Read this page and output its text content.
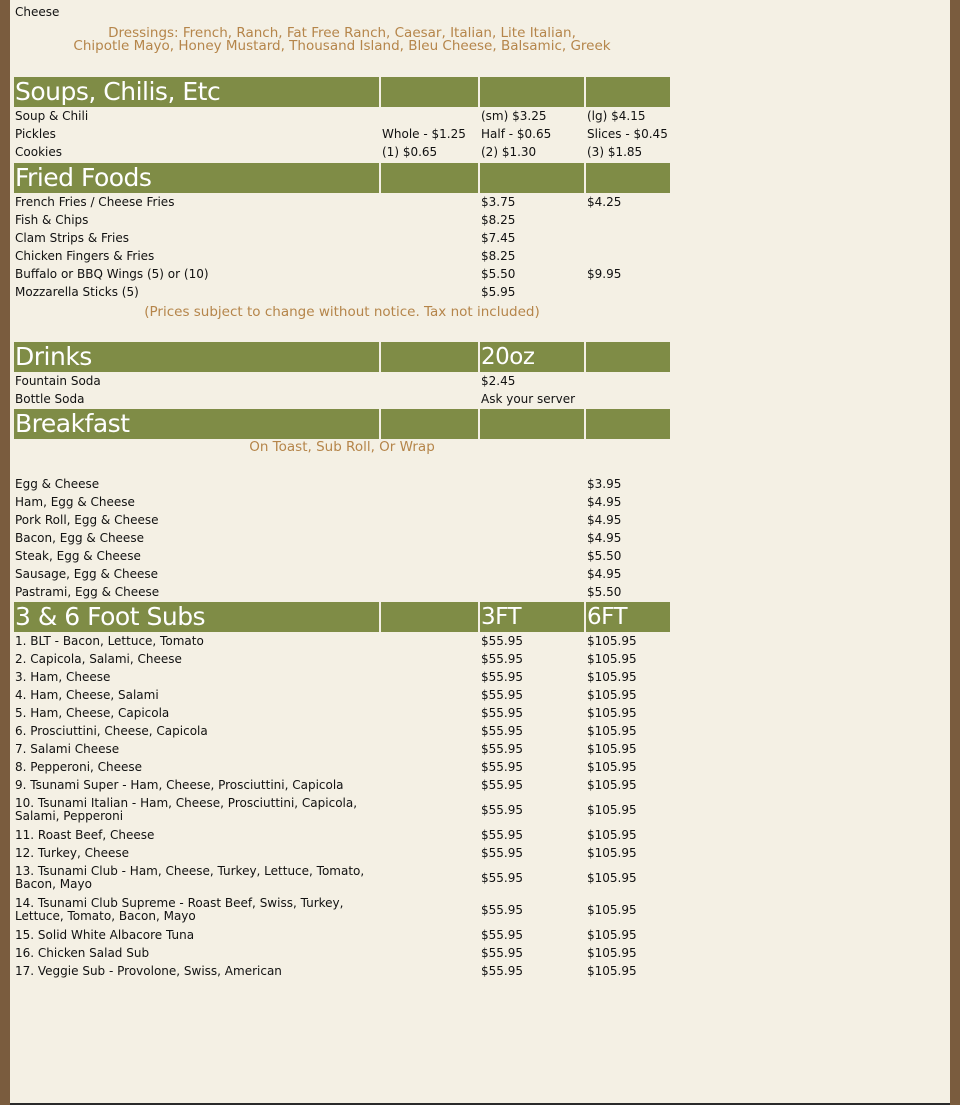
Cheese			
Dressings: French, Ranch, Fat Free Ranch, Caesar, Italian, Lite Italian,
Chipotle Mayo, Honey Mustard, Thousand Island, Bleu Cheese, Balsamic, Greek			

Soups, Chilis, Etc			
Soup & Chili		(sm) $3.25	(lg) $4.15
Pickles	Whole - $1.25	Half - $0.65	Slices - $0.45
Cookies	(1) $0.65	(2) $1.30	(3) $1.85

Fried Foods			
French Fries / Cheese Fries		$3.75	$4.25
Fish & Chips		$8.25	
Clam Strips & Fries		$7.45	
Chicken Fingers & Fries		$8.25	
Buffalo or BBQ Wings (5) or (10)		$5.50	$9.95
Mozzarella Sticks (5)		$5.95	
(Prices subject to change without notice. Tax not included)			

Drinks		20oz	
Fountain Soda		$2.45	
Bottle Soda		Ask your server	

Breakfast			
On Toast, Sub Roll, Or Wrap			

Egg & Cheese			$3.95
Ham, Egg & Cheese			$4.95
Pork Roll, Egg & Cheese			$4.95
Bacon, Egg & Cheese			$4.95
Steak, Egg & Cheese			$5.50
Sausage, Egg & Cheese			$4.95
Pastrami, Egg & Cheese			$5.50

3 & 6 Foot Subs		3FT	6FT
1. BLT - Bacon, Lettuce, Tomato		$55.95	$105.95
2. Capicola, Salami, Cheese		$55.95	$105.95
3. Ham, Cheese		$55.95	$105.95
4. Ham, Cheese, Salami		$55.95	$105.95
5. Ham, Cheese, Capicola		$55.95	$105.95
6. Prosciuttini, Cheese, Capicola		$55.95	$105.95
7. Salami Cheese		$55.95	$105.95
8. Pepperoni, Cheese		$55.95	$105.95
9. Tsunami Super - Ham, Cheese, Prosciuttini, Capicola		$55.95	$105.95
10. Tsunami Italian - Ham, Cheese, Prosciuttini, Capicola, Salami, Pepperoni		$55.95	$105.95
11. Roast Beef, Cheese		$55.95	$105.95
12. Turkey, Cheese		$55.95	$105.95
13. Tsunami Club - Ham, Cheese, Turkey, Lettuce, Tomato, Bacon, Mayo		$55.95	$105.95
14. Tsunami Club Supreme - Roast Beef, Swiss, Turkey, Lettuce, Tomato, Bacon, Mayo		$55.95	$105.95
15. Solid White Albacore Tuna		$55.95	$105.95
16. Chicken Salad Sub		$55.95	$105.95
17. Veggie Sub - Provolone, Swiss, American		$55.95	$105.95
